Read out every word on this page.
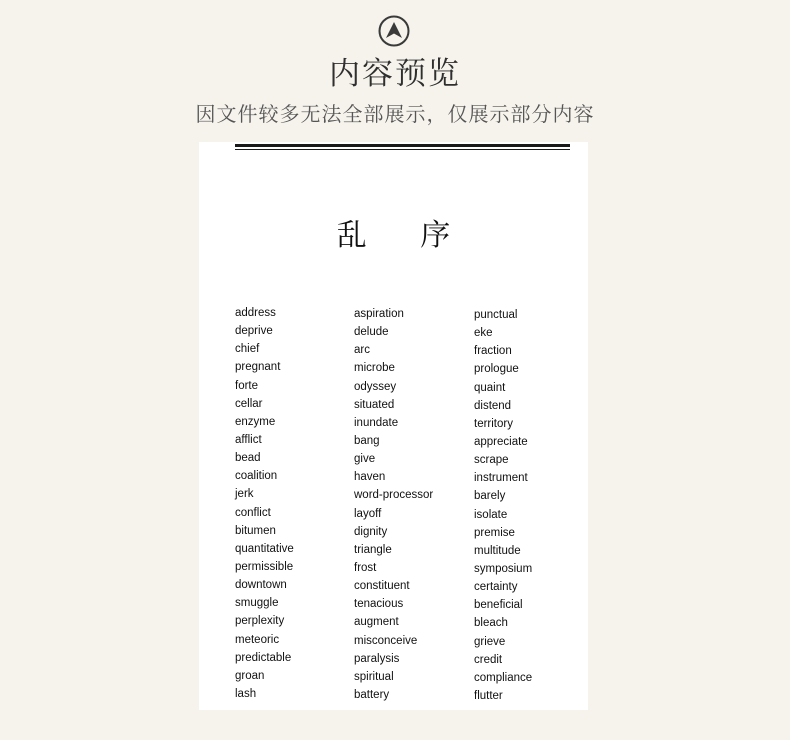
内容预览
因文件较多无法全部展示，仅展示部分内容
乱 序
address
deprive
chief
pregnant
forte
cellar
enzyme
afflict
bead
coalition
jerk
conflict
bitumen
quantitative
permissible
downtown
smuggle
perplexity
meteoric
predictable
groan
lash
aspiration
delude
arc
microbe
odyssey
situated
inundate
bang
give
haven
word-processor
layoff
dignity
triangle
frost
constituent
tenacious
augment
misconceive
paralysis
spiritual
battery
punctual
eke
fraction
prologue
quaint
distend
territory
appreciate
scrape
instrument
barely
isolate
premise
multitude
symposium
certainty
beneficial
bleach
grieve
credit
compliance
flutter
